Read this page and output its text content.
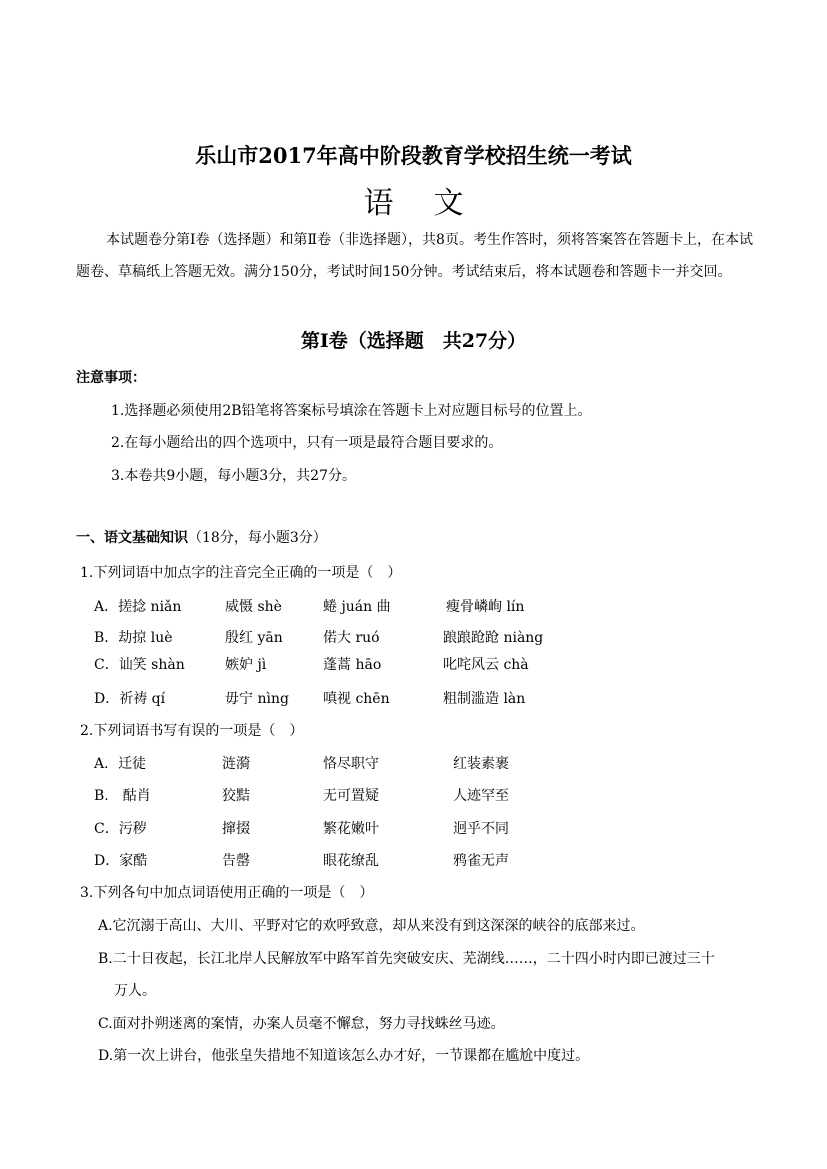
乐山市2017年高中阶段教育学校招生统一考试
语文
本试题卷分第Ⅰ卷（选择题）和第Ⅱ卷（非选择题），共8页。考生作答时，须将答案答在答题卡上，在本试题卷、草稿纸上答题无效。满分150分，考试时间150分钟。考试结束后，将本试题卷和答题卡一并交回。
第Ⅰ卷（选择题　共27分）
注意事项：
1.选择题必须使用2B铅笔将答案标号填涂在答题卡上对应题目标号的位置上。
2.在每小题给出的四个选项中，只有一项是最符合题目要求的。
3.本卷共9小题，每小题3分，共27分。
一、语文基础知识（18分，每小题3分）
1.下列词语中加点字的注音完全正确的一项是（　）
A．搓捻 niǎn	威慑 shè	蜷 juán 曲	瘦骨嶙峋 lín
B．劫掠 luè	殷红 yān	偌大 ruó	踉踉跄跄 niàng
C．讪笑 shàn	嫉妒 jì	蓬蒿 hāo	叱咤风云 chà
D．祈祷 qí	毋宁 nìng 嗔视 chēn	粗制滥造 làn
2.下列词语书写有误的一项是（　）
A．迁徒	涟漪	恪尽职守	红装素裹
B.　酤肖	狡黠	无可置疑	人迹罕至
C．污秽	撺掇	繁花嫩叶	迥乎不同
D．家酷	告罄	眼花缭乱	鸦雀无声
3.下列各句中加点词语使用正确的一项是（　）
A.它沉溺于高山、大川、平野对它的欢呼致意，却从来没有到这深深的峡谷的底部来过。
B.二十日夜起，长江北岸人民解放军中路军首先突破安庆、芜湖线……，二十四小时内即已渡过三十
万人。
C.面对扑朔迷离的案情，办案人员毫不懈怠，努力寻找蛛丝马迹。
D.第一次上讲台，他张皇失措地不知道该怎么办才好，一节课都在尴尬中度过。
